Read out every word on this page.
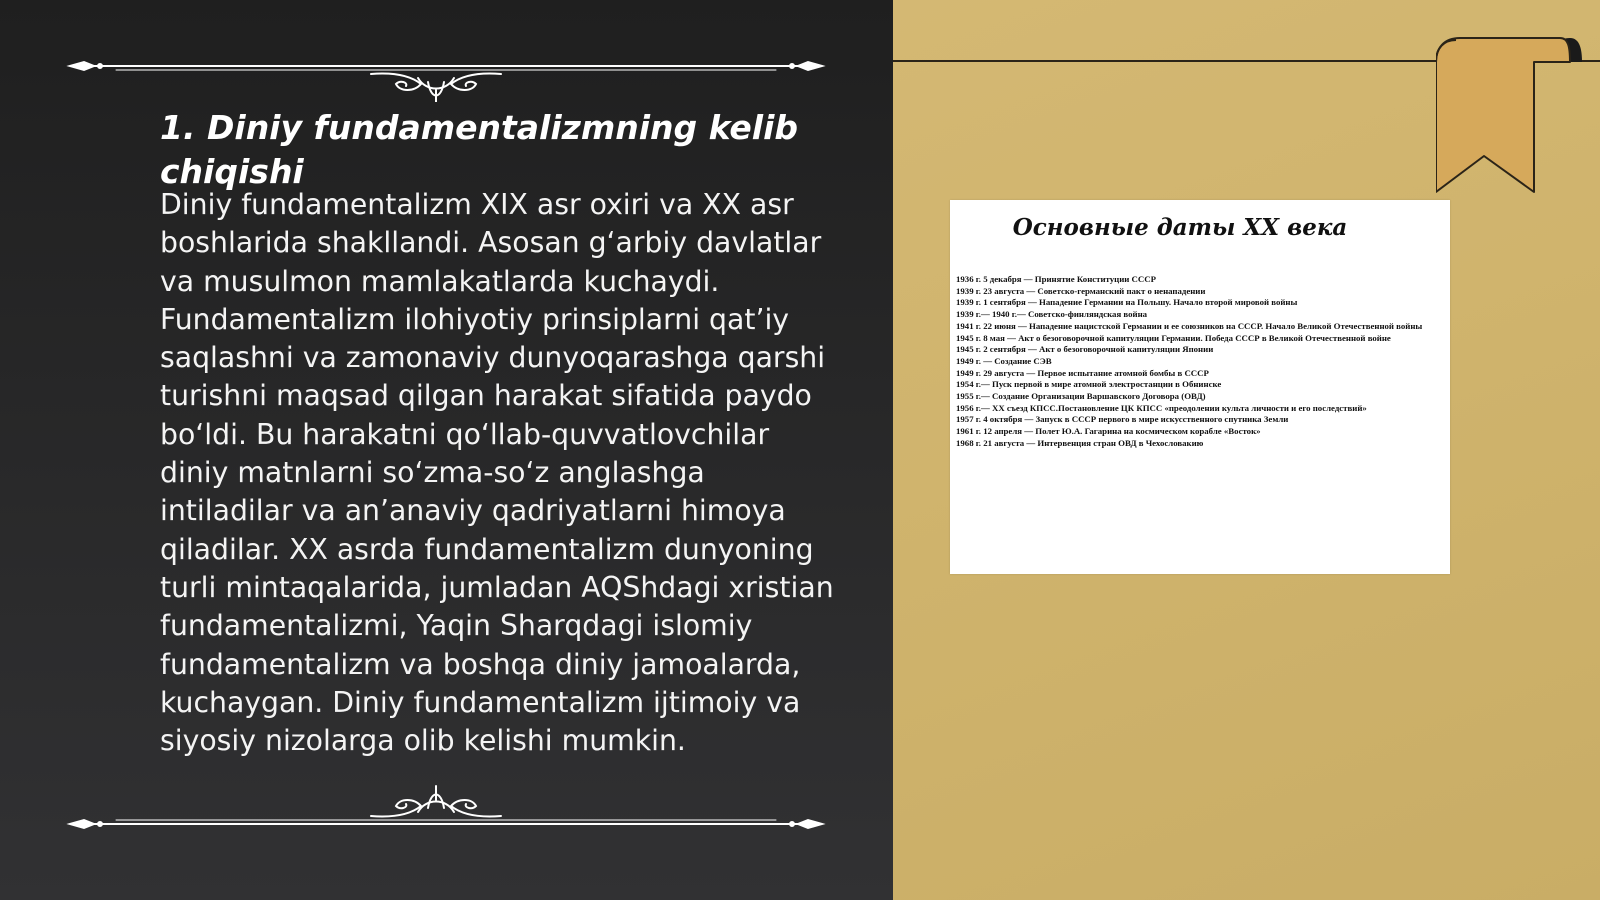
1. Diniy fundamentalizmning kelib chiqishi

Diniy fundamentalizm XIX asr oxiri va XX asr boshlarida shakllandi. Asosan g‘arbiy davlatlar va musulmon mamlakatlarda kuchaydi. Fundamentalizm ilohiyotiy prinsiplarni qat’iy saqlashni va zamonaviy dunyoqarashga qarshi turishni maqsad qilgan harakat sifatida paydo bo‘ldi. Bu harakatni qo‘llab-quvvatlovchilar diniy matnlarni so‘zma-so‘z anglashga intiladilar va an’anaviy qadriyatlarni himoya qiladilar. XX asrda fundamentalizm dunyoning turli mintaqalarida, jumladan AQShdagi xristian fundamentalizmi, Yaqin Sharqdagi islomiy fundamentalizm va boshqa diniy jamoalarda, kuchaygan. Diniy fundamentalizm ijtimoiy va siyosiy nizolarga olib kelishi mumkin.

Основные даты ХХ века
1936 г. 5 декабря — Принятие Конституции СССР
1939 г. 23 августа — Советско-германский пакт о ненападении
1939 г. 1 сентября — Нападение Германии на Польшу. Начало второй мировой войны
1939 г.— 1940 г.— Советско-финляндская война
1941 г. 22 июня — Нападение нацистской Германии и ее союзников на СССР. Начало Великой Отечественной войны
1945 г. 8 мая — Акт о безоговорочной капитуляции Германии. Победа СССР в Великой Отечественной войне
1945 г. 2 сентября — Акт о безоговорочной капитуляции Японии
1949 г. — Создание СЭВ
1949 г. 29 августа — Первое испытание атомной бомбы в СССР
1954 г.— Пуск первой в мире атомной электростанции в Обнинске
1955 г.— Создание Организации Варшавского Договора (ОВД)
1956 г.— XX съезд КПСС.Постановление ЦК КПСС «преодолении культа личности и его последствий»
1957 г. 4 октября — Запуск в СССР первого в мире искусственного спутника Земли
1961 г. 12 апреля — Полет Ю.А. Гагарина на космическом корабле «Восток»
1968 г. 21 августа — Интервенция стран ОВД в Чехословакию
